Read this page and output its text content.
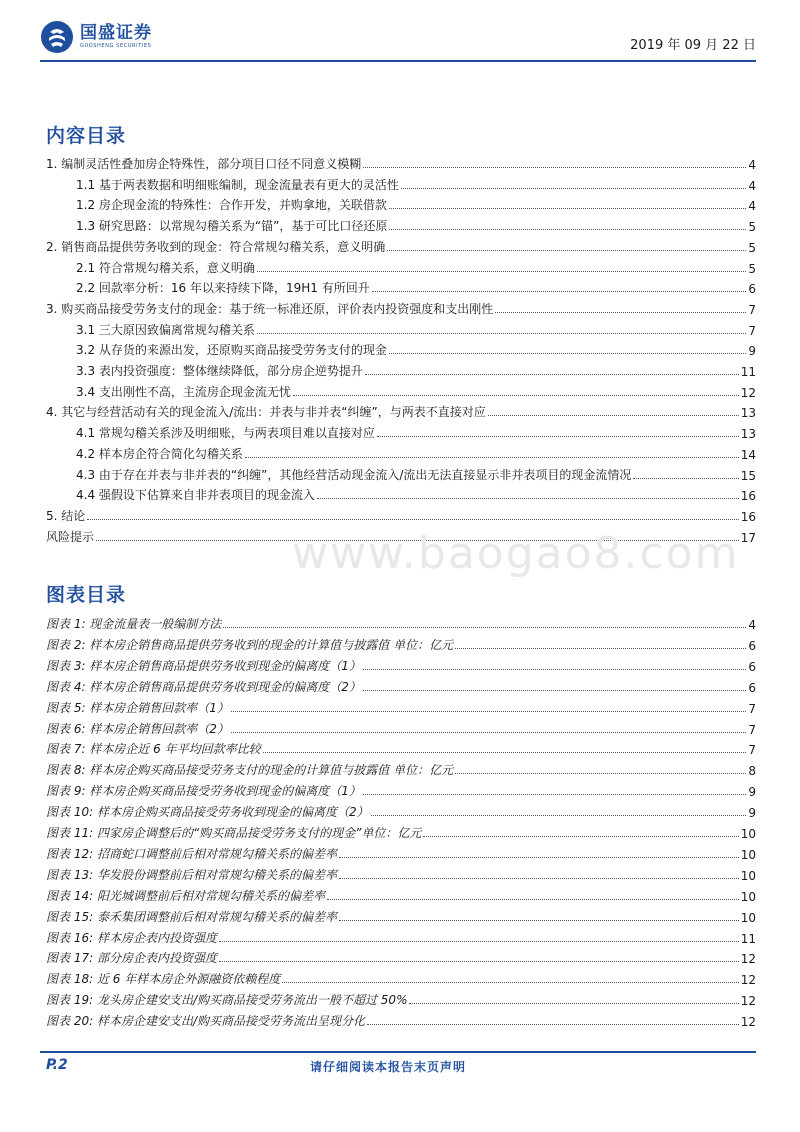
国盛证券
GUOSHENG SECURITIES	2019 年 09 月 22 日
内容目录
1. 编制灵活性叠加房企特殊性，部分项目口径不同意义模糊	4
1.1 基于两表数据和明细账编制，现金流量表有更大的灵活性	4
1.2 房企现金流的特殊性：合作开发，并购拿地，关联借款	4
1.3 研究思路：以常规勾稽关系为“锚”，基于可比口径还原	5
2. 销售商品提供劳务收到的现金：符合常规勾稽关系，意义明确	5
2.1 符合常规勾稽关系，意义明确	5
2.2 回款率分析：16 年以来持续下降，19H1 有所回升	6
3. 购买商品接受劳务支付的现金：基于统一标准还原，评价表内投资强度和支出刚性	7
3.1 三大原因致偏离常规勾稽关系	7
3.2 从存货的来源出发，还原购买商品接受劳务支付的现金	9
3.3 表内投资强度：整体继续降低，部分房企逆势提升	11
3.4 支出刚性不高，主流房企现金流无忧	12
4. 其它与经营活动有关的现金流入/流出：并表与非并表“纠缠”，与两表不直接对应	13
4.1 常规勾稽关系涉及明细账，与两表项目难以直接对应	13
4.2 样本房企符合简化勾稽关系	14
4.3 由于存在并表与非并表的“纠缠”，其他经营活动现金流入/流出无法直接显示非并表项目的现金流情况	15
4.4 强假设下估算来自非并表项目的现金流入	16
5. 结论	16
风险提示	17
www.baogao8.com
图表目录
图表 1: 现金流量表一般编制方法	4
图表 2: 样本房企销售商品提供劳务收到的现金的计算值与披露值 单位：亿元	6
图表 3: 样本房企销售商品提供劳务收到现金的偏离度（1）	6
图表 4: 样本房企销售商品提供劳务收到现金的偏离度（2）	6
图表 5: 样本房企销售回款率（1）	7
图表 6: 样本房企销售回款率（2）	7
图表 7: 样本房企近 6 年平均回款率比较	7
图表 8: 样本房企购买商品接受劳务支付的现金的计算值与披露值 单位：亿元	8
图表 9: 样本房企购买商品接受劳务收到现金的偏离度（1）	9
图表 10: 样本房企购买商品接受劳务收到现金的偏离度（2）	9
图表 11: 四家房企调整后的“购买商品接受劳务支付的现金”单位：亿元	10
图表 12: 招商蛇口调整前后相对常规勾稽关系的偏差率	10
图表 13: 华发股份调整前后相对常规勾稽关系的偏差率	10
图表 14: 阳光城调整前后相对常规勾稽关系的偏差率	10
图表 15: 泰禾集团调整前后相对常规勾稽关系的偏差率	10
图表 16: 样本房企表内投资强度	11
图表 17: 部分房企表内投资强度	12
图表 18: 近 6 年样本房企外源融资依赖程度	12
图表 19: 龙头房企建安支出/购买商品接受劳务流出一般不超过 50%	12
图表 20: 样本房企建安支出/购买商品接受劳务流出呈现分化	12
P.2	请仔细阅读本报告末页声明
